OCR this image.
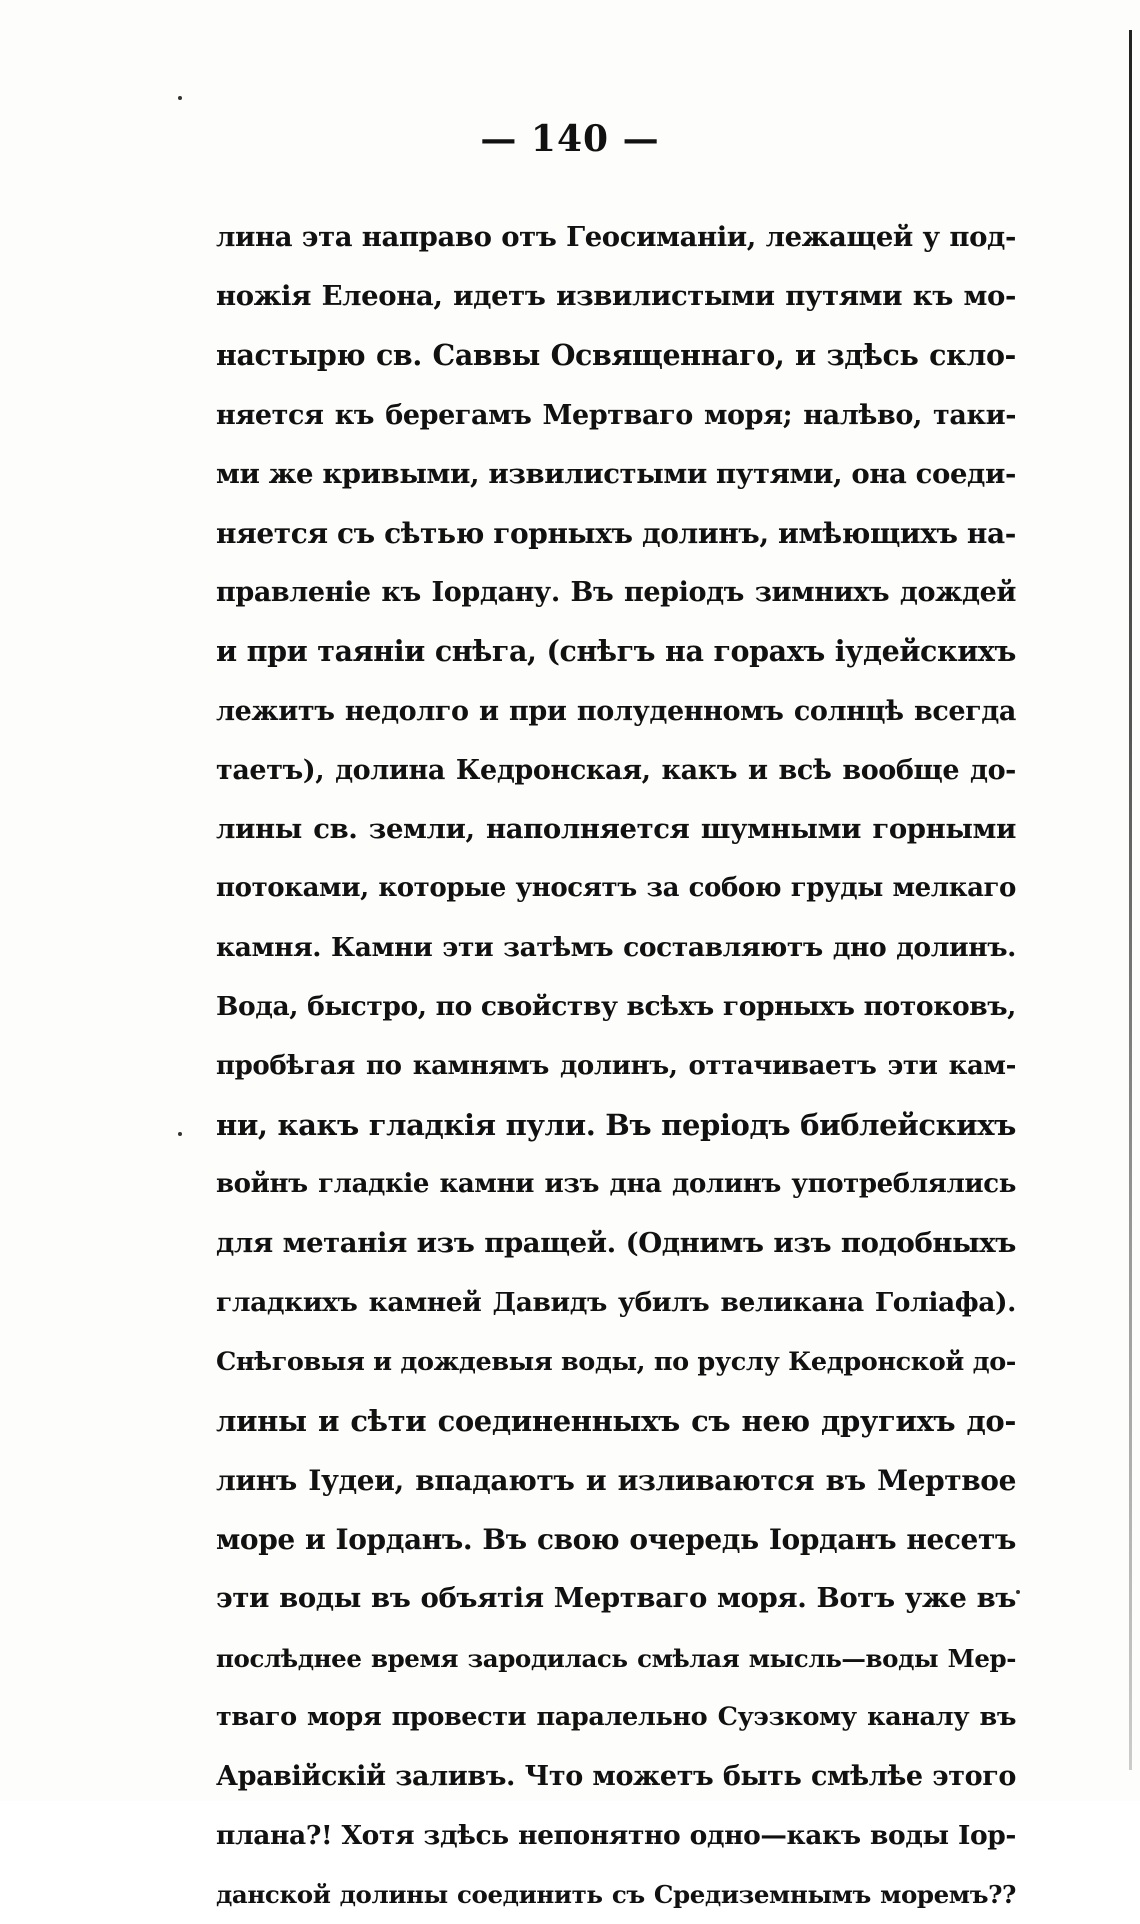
— 140 —
лина эта направо отъ Геосиманіи, лежащей у под-
ножія Елеона, идетъ извилистыми путями къ мо-
настырю св. Саввы Освященнаго, и здѣсь скло-
няется къ берегамъ Мертваго моря; налѣво, таки-
ми же кривыми, извилистыми путями, она соеди-
няется съ сѣтью горныхъ долинъ, имѣющихъ на-
правленіе къ Іордану. Въ періодъ зимнихъ дождей
и при таяніи снѣга, (снѣгъ на горахъ іудейскихъ
лежитъ недолго и при полуденномъ солнцѣ всегда
таетъ), долина Кедронская, какъ и всѣ вообще до-
лины св. земли, наполняется шумными горными
потоками, которые уносятъ за собою груды мелкаго
камня. Камни эти затѣмъ составляютъ дно долинъ.
Вода, быстро, по свойству всѣхъ горныхъ потоковъ,
пробѣгая по камнямъ долинъ, оттачиваетъ эти кам-
ни, какъ гладкія пули. Въ періодъ библейскихъ
войнъ гладкіе камни изъ дна долинъ употреблялись
для метанія изъ пращей. (Однимъ изъ подобныхъ
гладкихъ камней Давидъ убилъ великана Голіафа).
Снѣговыя и дождевыя воды, по руслу Кедронской до-
лины и сѣти соединенныхъ съ нею другихъ до-
линъ Іудеи, впадаютъ и изливаются въ Мертвое
море и Іорданъ. Въ свою очередь Іорданъ несетъ
эти воды въ объятія Мертваго моря. Вотъ уже въ
послѣднее время зародилась смѣлая мысль—воды Мер-
тваго моря провести паралельно Суэзкому каналу въ
Аравійскій заливъ. Что можетъ быть смѣлѣе этого
плана?! Хотя здѣсь непонятно одно—какъ воды Іор-
данской долины соединить съ Средиземнымъ моремъ??
